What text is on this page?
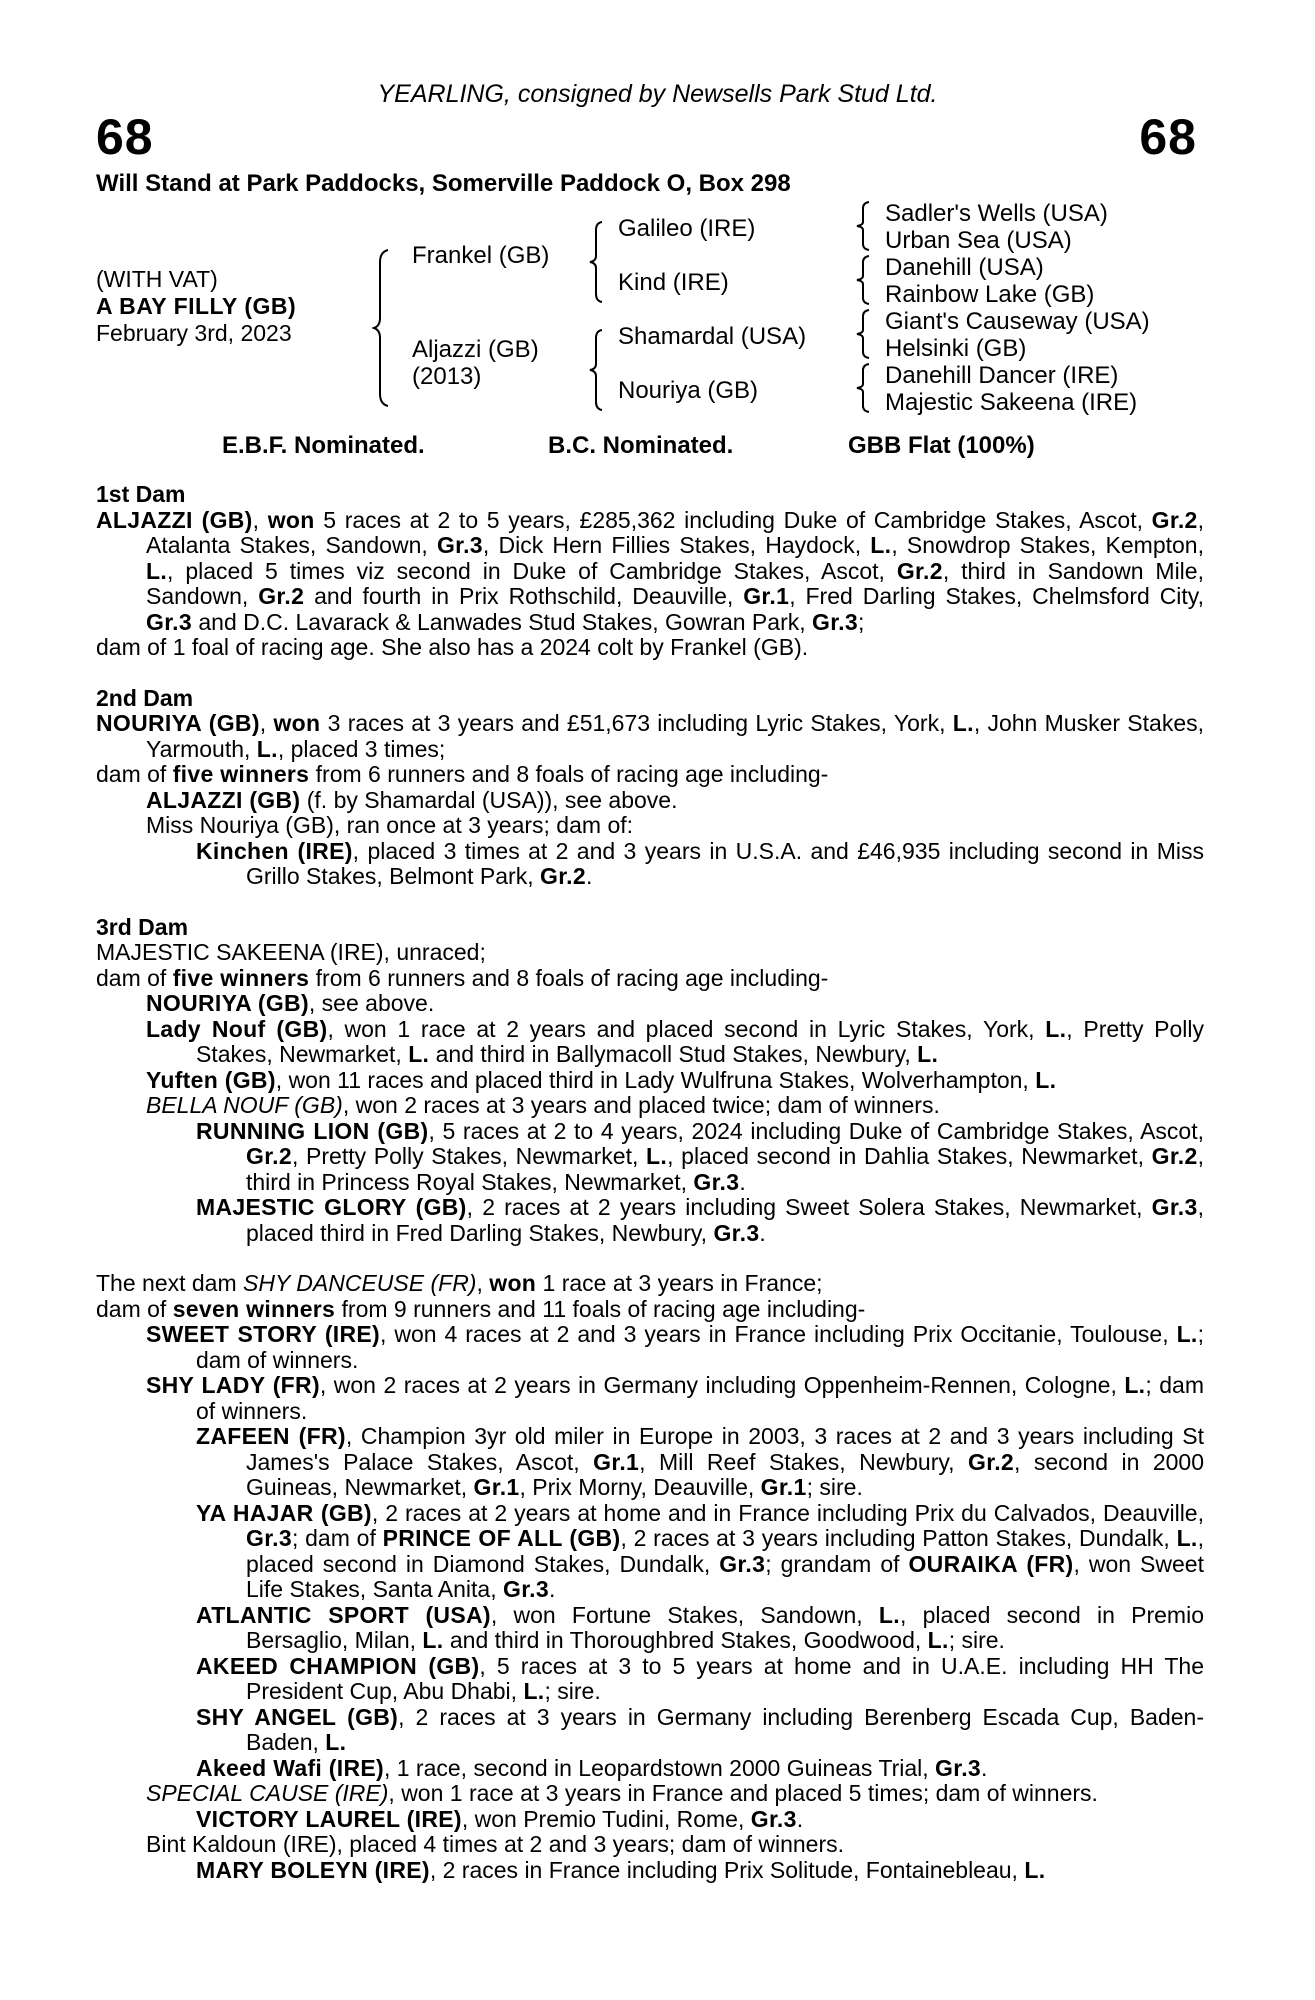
YEARLING, consigned by Newsells Park Stud Ltd.
68	68
Will Stand at Park Paddocks, Somerville Paddock O, Box 298
(WITH VAT)
A BAY FILLY (GB)
February 3rd, 2023
Frankel (GB)
Aljazzi (GB)
(2013)
Galileo (IRE)
Kind (IRE)
Shamardal (USA)
Nouriya (GB)
Sadler's Wells (USA)
Urban Sea (USA)
Danehill (USA)
Rainbow Lake (GB)
Giant's Causeway (USA)
Helsinki (GB)
Danehill Dancer (IRE)
Majestic Sakeena (IRE)
E.B.F. Nominated.	B.C. Nominated.	GBB Flat (100%)
1st Dam

ALJAZZI (GB), won 5 races at 2 to 5 years, £285,362 including Duke of Cambridge Stakes, Ascot, Gr.2, Atalanta Stakes, Sandown, Gr.3, Dick Hern Fillies Stakes, Haydock, L., Snowdrop Stakes, Kempton, L., placed 5 times viz second in Duke of Cambridge Stakes, Ascot, Gr.2, third in Sandown Mile, Sandown, Gr.2 and fourth in Prix Rothschild, Deauville, Gr.1, Fred Darling Stakes, Chelmsford City, Gr.3 and D.C. Lavarack & Lanwades Stud Stakes, Gowran Park, Gr.3;

dam of 1 foal of racing age. She also has a 2024 colt by Frankel (GB).

2nd Dam

NOURIYA (GB), won 3 races at 3 years and £51,673 including Lyric Stakes, York, L., John Musker Stakes, Yarmouth, L., placed 3 times;

dam of five winners from 6 runners and 8 foals of racing age including-

ALJAZZI (GB) (f. by Shamardal (USA)), see above.

Miss Nouriya (GB), ran once at 3 years; dam of:

Kinchen (IRE), placed 3 times at 2 and 3 years in U.S.A. and £46,935 including second in Miss Grillo Stakes, Belmont Park, Gr.2.

3rd Dam

MAJESTIC SAKEENA (IRE), unraced;

dam of five winners from 6 runners and 8 foals of racing age including-

NOURIYA (GB), see above.

Lady Nouf (GB), won 1 race at 2 years and placed second in Lyric Stakes, York, L., Pretty Polly Stakes, Newmarket, L. and third in Ballymacoll Stud Stakes, Newbury, L.

Yuften (GB), won 11 races and placed third in Lady Wulfruna Stakes, Wolverhampton, L.

BELLA NOUF (GB), won 2 races at 3 years and placed twice; dam of winners.

RUNNING LION (GB), 5 races at 2 to 4 years, 2024 including Duke of Cambridge Stakes, Ascot, Gr.2, Pretty Polly Stakes, Newmarket, L., placed second in Dahlia Stakes, Newmarket, Gr.2, third in Princess Royal Stakes, Newmarket, Gr.3.

MAJESTIC GLORY (GB), 2 races at 2 years including Sweet Solera Stakes, Newmarket, Gr.3, placed third in Fred Darling Stakes, Newbury, Gr.3.

The next dam SHY DANCEUSE (FR), won 1 race at 3 years in France;

dam of seven winners from 9 runners and 11 foals of racing age including-

SWEET STORY (IRE), won 4 races at 2 and 3 years in France including Prix Occitanie, Toulouse, L.; dam of winners.

SHY LADY (FR), won 2 races at 2 years in Germany including Oppenheim-Rennen, Cologne, L.; dam of winners.

ZAFEEN (FR), Champion 3yr old miler in Europe in 2003, 3 races at 2 and 3 years including St James's Palace Stakes, Ascot, Gr.1, Mill Reef Stakes, Newbury, Gr.2, second in 2000 Guineas, Newmarket, Gr.1, Prix Morny, Deauville, Gr.1; sire.

YA HAJAR (GB), 2 races at 2 years at home and in France including Prix du Calvados, Deauville, Gr.3; dam of PRINCE OF ALL (GB), 2 races at 3 years including Patton Stakes, Dundalk, L., placed second in Diamond Stakes, Dundalk, Gr.3; grandam of OURAIKA (FR), won Sweet Life Stakes, Santa Anita, Gr.3.

ATLANTIC SPORT (USA), won Fortune Stakes, Sandown, L., placed second in Premio Bersaglio, Milan, L. and third in Thoroughbred Stakes, Goodwood, L.; sire.

AKEED CHAMPION (GB), 5 races at 3 to 5 years at home and in U.A.E. including HH The President Cup, Abu Dhabi, L.; sire.

SHY ANGEL (GB), 2 races at 3 years in Germany including Berenberg Escada Cup, Baden-Baden, L.

Akeed Wafi (IRE), 1 race, second in Leopardstown 2000 Guineas Trial, Gr.3.

SPECIAL CAUSE (IRE), won 1 race at 3 years in France and placed 5 times; dam of winners.

VICTORY LAUREL (IRE), won Premio Tudini, Rome, Gr.3.

Bint Kaldoun (IRE), placed 4 times at 2 and 3 years; dam of winners.

MARY BOLEYN (IRE), 2 races in France including Prix Solitude, Fontainebleau, L.
